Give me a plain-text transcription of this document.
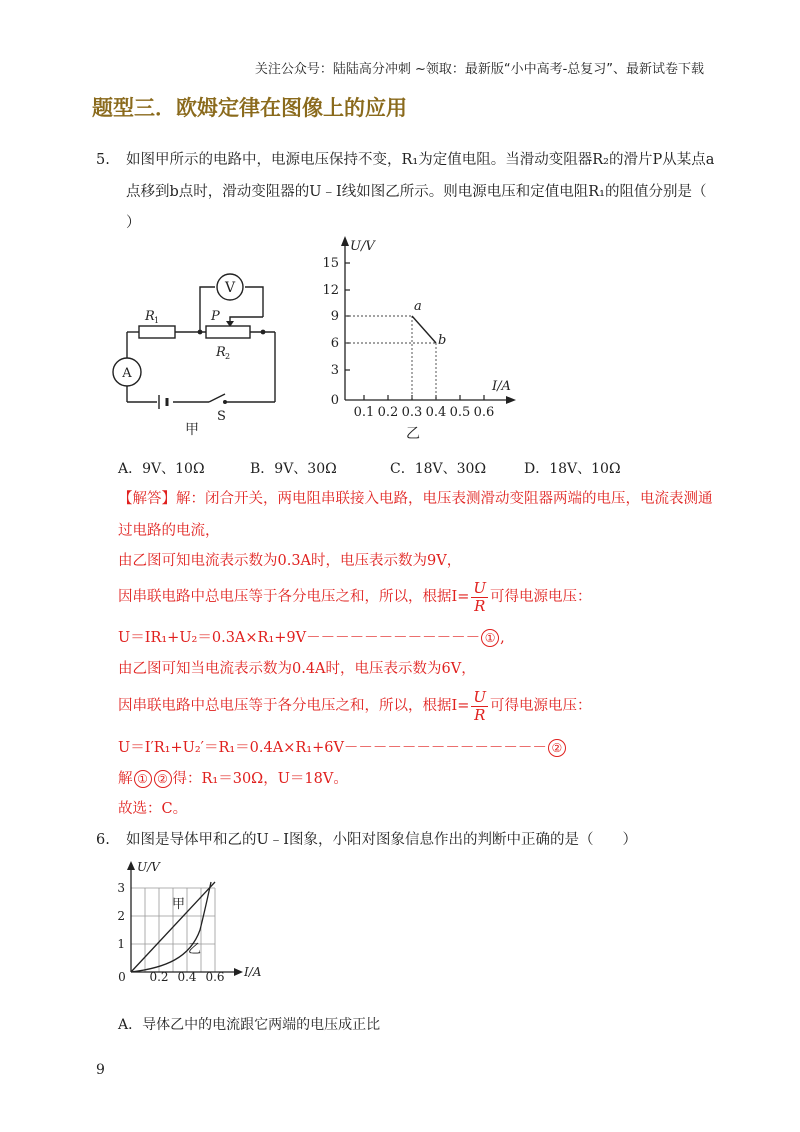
关注公众号：陆陆高分冲刺 ~领取：最新版“小中高考-总复习”、最新试卷下载
题型三．欧姆定律在图像上的应用
5. 如图甲所示的电路中，电源电压保持不变，R₁为定值电阻。当滑动变阻器R₂的滑片P从某点a
点移到b点时，滑动变阻器的U﹣I线如图乙所示。则电源电压和定值电阻R₁的阻值分别是（
）
V
A
R 1	P
R 2
S
甲
U/V
I/A
a
b
15
12
9
6
3
0
0.1 0.2 0.3 0.4 0.5 0.6
乙
A．9V、10Ω	B．9V、30Ω	C．18V、30Ω	D．18V、10Ω
【解答】解：闭合开关，两电阻串联接入电路，电压表测滑动变阻器两端的电压，电流表测通
过电路的电流，
由乙图可知电流表示数为0.3A时，电压表示数为9V，
因串联电路中总电压等于各分电压之和，所以，根据$I= \frac{U}{R}$ 可得电源电压：
U＝IR₁+U₂＝0.3A×R₁+9V－－－－－－－－－－－－ ① ,
由乙图可知当电流表示数为0.4A时，电压表示数为6V，
因串联电路中总电压等于各分电压之和，所以，根据$I= \frac{U}{R}$ 可得电源电压：
U＝I′R₁+U₂′＝R₁＝0.4A×R₁+6V－－－－－－－－－－－－－－ ②
解 ① ② 得：R₁＝30Ω，U＝18V。
故选：C。
6. 如图是导体甲和乙的U﹣I图象，小阳对图象信息作出的判断中正确的是（　　）
U/V
I/A
3
2
1
0 0.2 0.4 0.6
甲
乙
A．导体乙中的电流跟它两端的电压成正比
9
